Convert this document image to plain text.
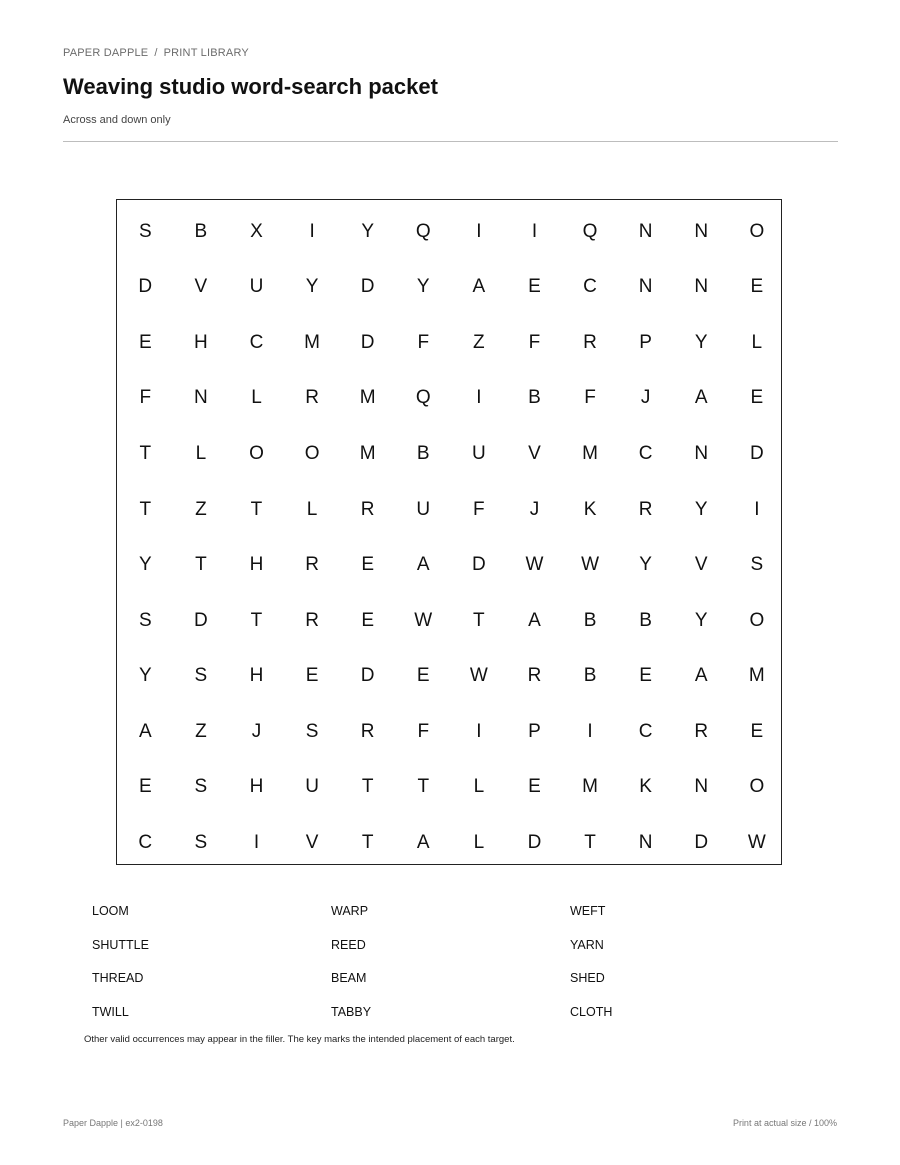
PAPER DAPPLE / PRINT LIBRARY
Weaving studio word-search packet
Across and down only
S	B	X	I	Y	Q	I	I	Q	N	N	O
D	V	U	Y	D	Y	A	E	C	N	N	E
E	H	C	M	D	F	Z	F	R	P	Y	L
F	N	L	R	M	Q	I	B	F	J	A	E
T	L	O	O	M	B	U	V	M	C	N	D
T	Z	T	L	R	U	F	J	K	R	Y	I
Y	T	H	R	E	A	D	W	W	Y	V	S
S	D	T	R	E	W	T	A	B	B	Y	O
Y	S	H	E	D	E	W	R	B	E	A	M
A	Z	J	S	R	F	I	P	I	C	R	E
E	S	H	U	T	T	L	E	M	K	N	O
C	S	I	V	T	A	L	D	T	N	D	W
LOOM	WARP	WEFT
SHUTTLE	REED	YARN
THREAD	BEAM	SHED
TWILL	TABBY	CLOTH
Other valid occurrences may appear in the filler. The key marks the intended placement of each target.
Paper Dapple | ex2-0198	Print at actual size / 100%
